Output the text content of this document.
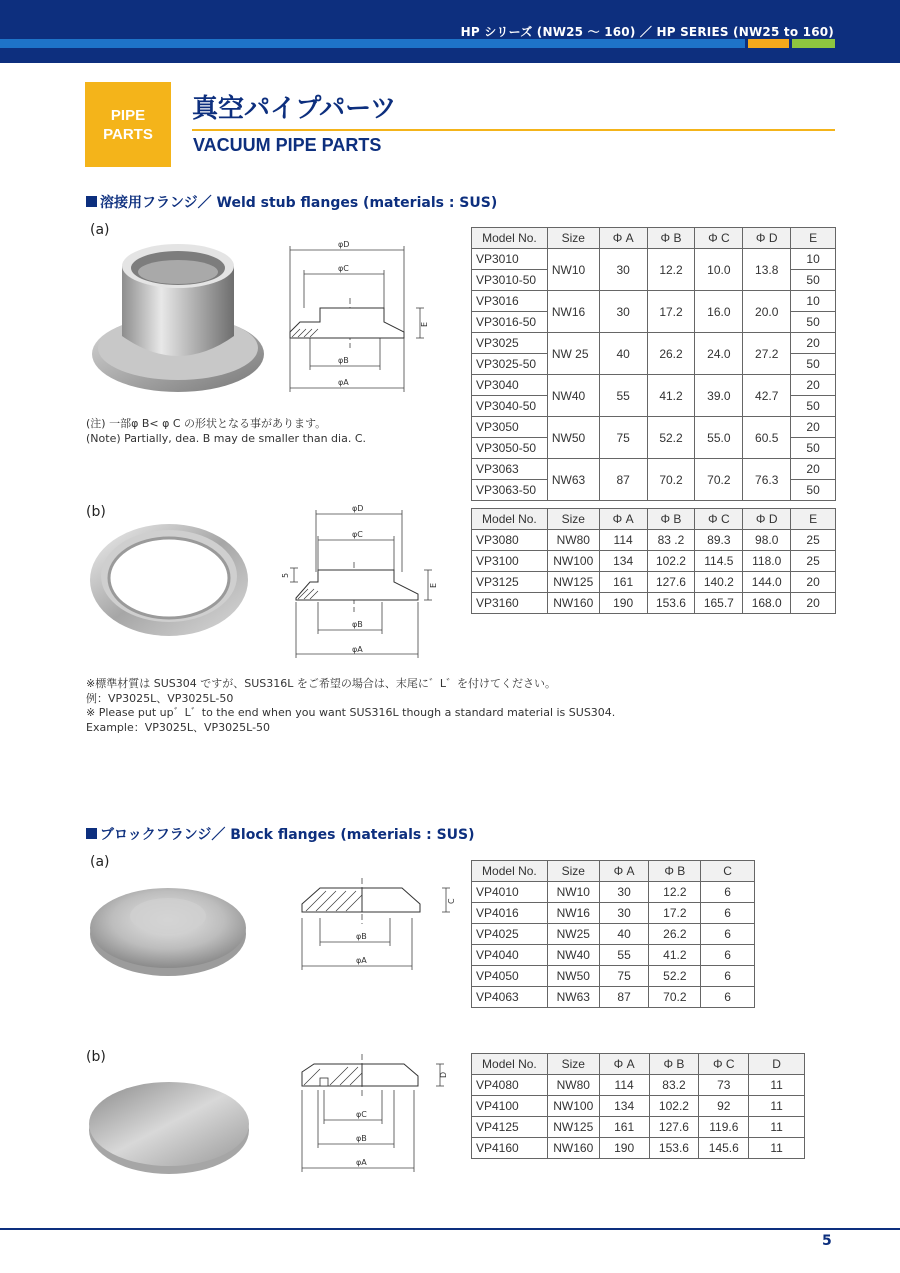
HP シリーズ (NW25 ～ 160) ／ HP SERIES (NW25 to 160)
PIPE
PARTS
真空パイプパーツ
VACUUM PIPE PARTS
溶接用フランジ／ Weld stub flanges (materials : SUS)
(a)
φD
φC
E
φB
φA
(注) 一部φ B< φ C の形状となる事があります。
(Note) Partially, dea. B may de smaller than dia. C.
Model No.	Size	Φ A	Φ B	Φ C	Φ D	E
VP3010	NW10	30	12.2	10.0	13.8	10
VP3010-50						50
VP3016	NW16	30	17.2	16.0	20.0	10
VP3016-50						50
VP3025	NW 25	40	26.2	24.0	27.2	20
VP3025-50						50
VP3040	NW40	55	41.2	39.0	42.7	20
VP3040-50						50
VP3050	NW50	75	52.2	55.0	60.5	20
VP3050-50						50
VP3063	NW63	87	70.2	70.2	76.3	20
VP3063-50						50
(b)	φD
φC
5
E
φB
φA
Model No.	Size	Φ A	Φ B	Φ C	Φ D	E
VP3080	NW80	114	83 .2	89.3	98.0	25
VP3100	NW100	134	102.2	114.5	118.0	25
VP3125	NW125	161	127.6	140.2	144.0	20
VP3160	NW160	190	153.6	165.7	168.0	20
※標準材質は SUS304 ですが、SUS316L をご希望の場合は、末尾に゛L゛を付けてください。
例：VP3025L、VP3025L-50
※ Please put up゛L゛to the end when you want SUS316L though a standard material is SUS304.
Example：VP3025L、VP3025L-50
ブロックフランジ／ Block flanges (materials : SUS)
(a)
C
φB
φA
Model No.	Size	Φ A	Φ B	C
VP4010	NW10	30	12.2	6
VP4016	NW16	30	17.2	6
VP4025	NW25	40	26.2	6
VP4040	NW40	55	41.2	6
VP4050	NW50	75	52.2	6
VP4063	NW63	87	70.2	6
(b)
D
φC
φB
φA
Model No.	Size	Φ A	Φ B	Φ C	D
VP4080	NW80	114	83.2	73	11
VP4100	NW100	134	102.2	92	11
VP4125	NW125	161	127.6	119.6	11
VP4160	NW160	190	153.6	145.6	11
5
